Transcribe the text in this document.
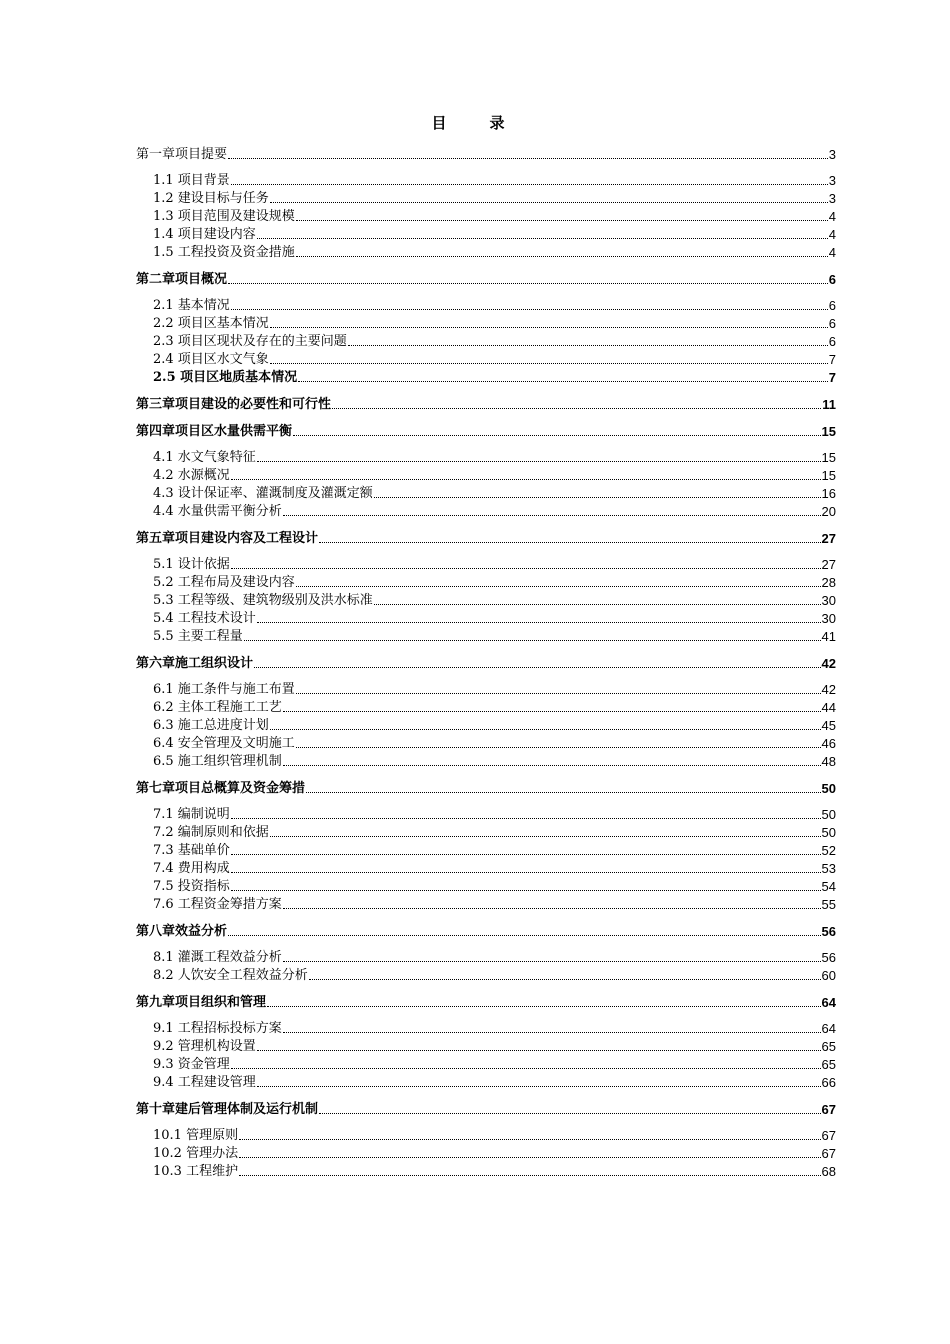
目　录
第一章项目提要	3
1.1 项目背景	3
1.2 建设目标与任务	3
1.3 项目范围及建设规模	4
1.4 项目建设内容	4
1.5 工程投资及资金措施	4
第二章项目概况	6
2.1 基本情况	6
2.2 项目区基本情况	6
2.3 项目区现状及存在的主要问题	6
2.4 项目区水文气象	7
2.5 项目区地质基本情况	7
第三章项目建设的必要性和可行性	11
第四章项目区水量供需平衡	15
4.1 水文气象特征	15
4.2 水源概况	15
4.3 设计保证率、灌溉制度及灌溉定额	16
4.4 水量供需平衡分析	20
第五章项目建设内容及工程设计	27
5.1 设计依据	27
5.2 工程布局及建设内容	28
5.3 工程等级、建筑物级别及洪水标准	30
5.4 工程技术设计	30
5.5 主要工程量	41
第六章施工组织设计	42
6.1 施工条件与施工布置	42
6.2 主体工程施工工艺	44
6.3 施工总进度计划	45
6.4 安全管理及文明施工	46
6.5 施工组织管理机制	48
第七章项目总概算及资金筹措	50
7.1 编制说明	50
7.2 编制原则和依据	50
7.3 基础单价	52
7.4 费用构成	53
7.5 投资指标	54
7.6 工程资金筹措方案	55
第八章效益分析	56
8.1 灌溉工程效益分析	56
8.2 人饮安全工程效益分析	60
第九章项目组织和管理	64
9.1 工程招标投标方案	64
9.2 管理机构设置	65
9.3 资金管理	65
9.4 工程建设管理	66
第十章建后管理体制及运行机制	67
10.1 管理原则	67
10.2 管理办法	67
10.3 工程维护	68
